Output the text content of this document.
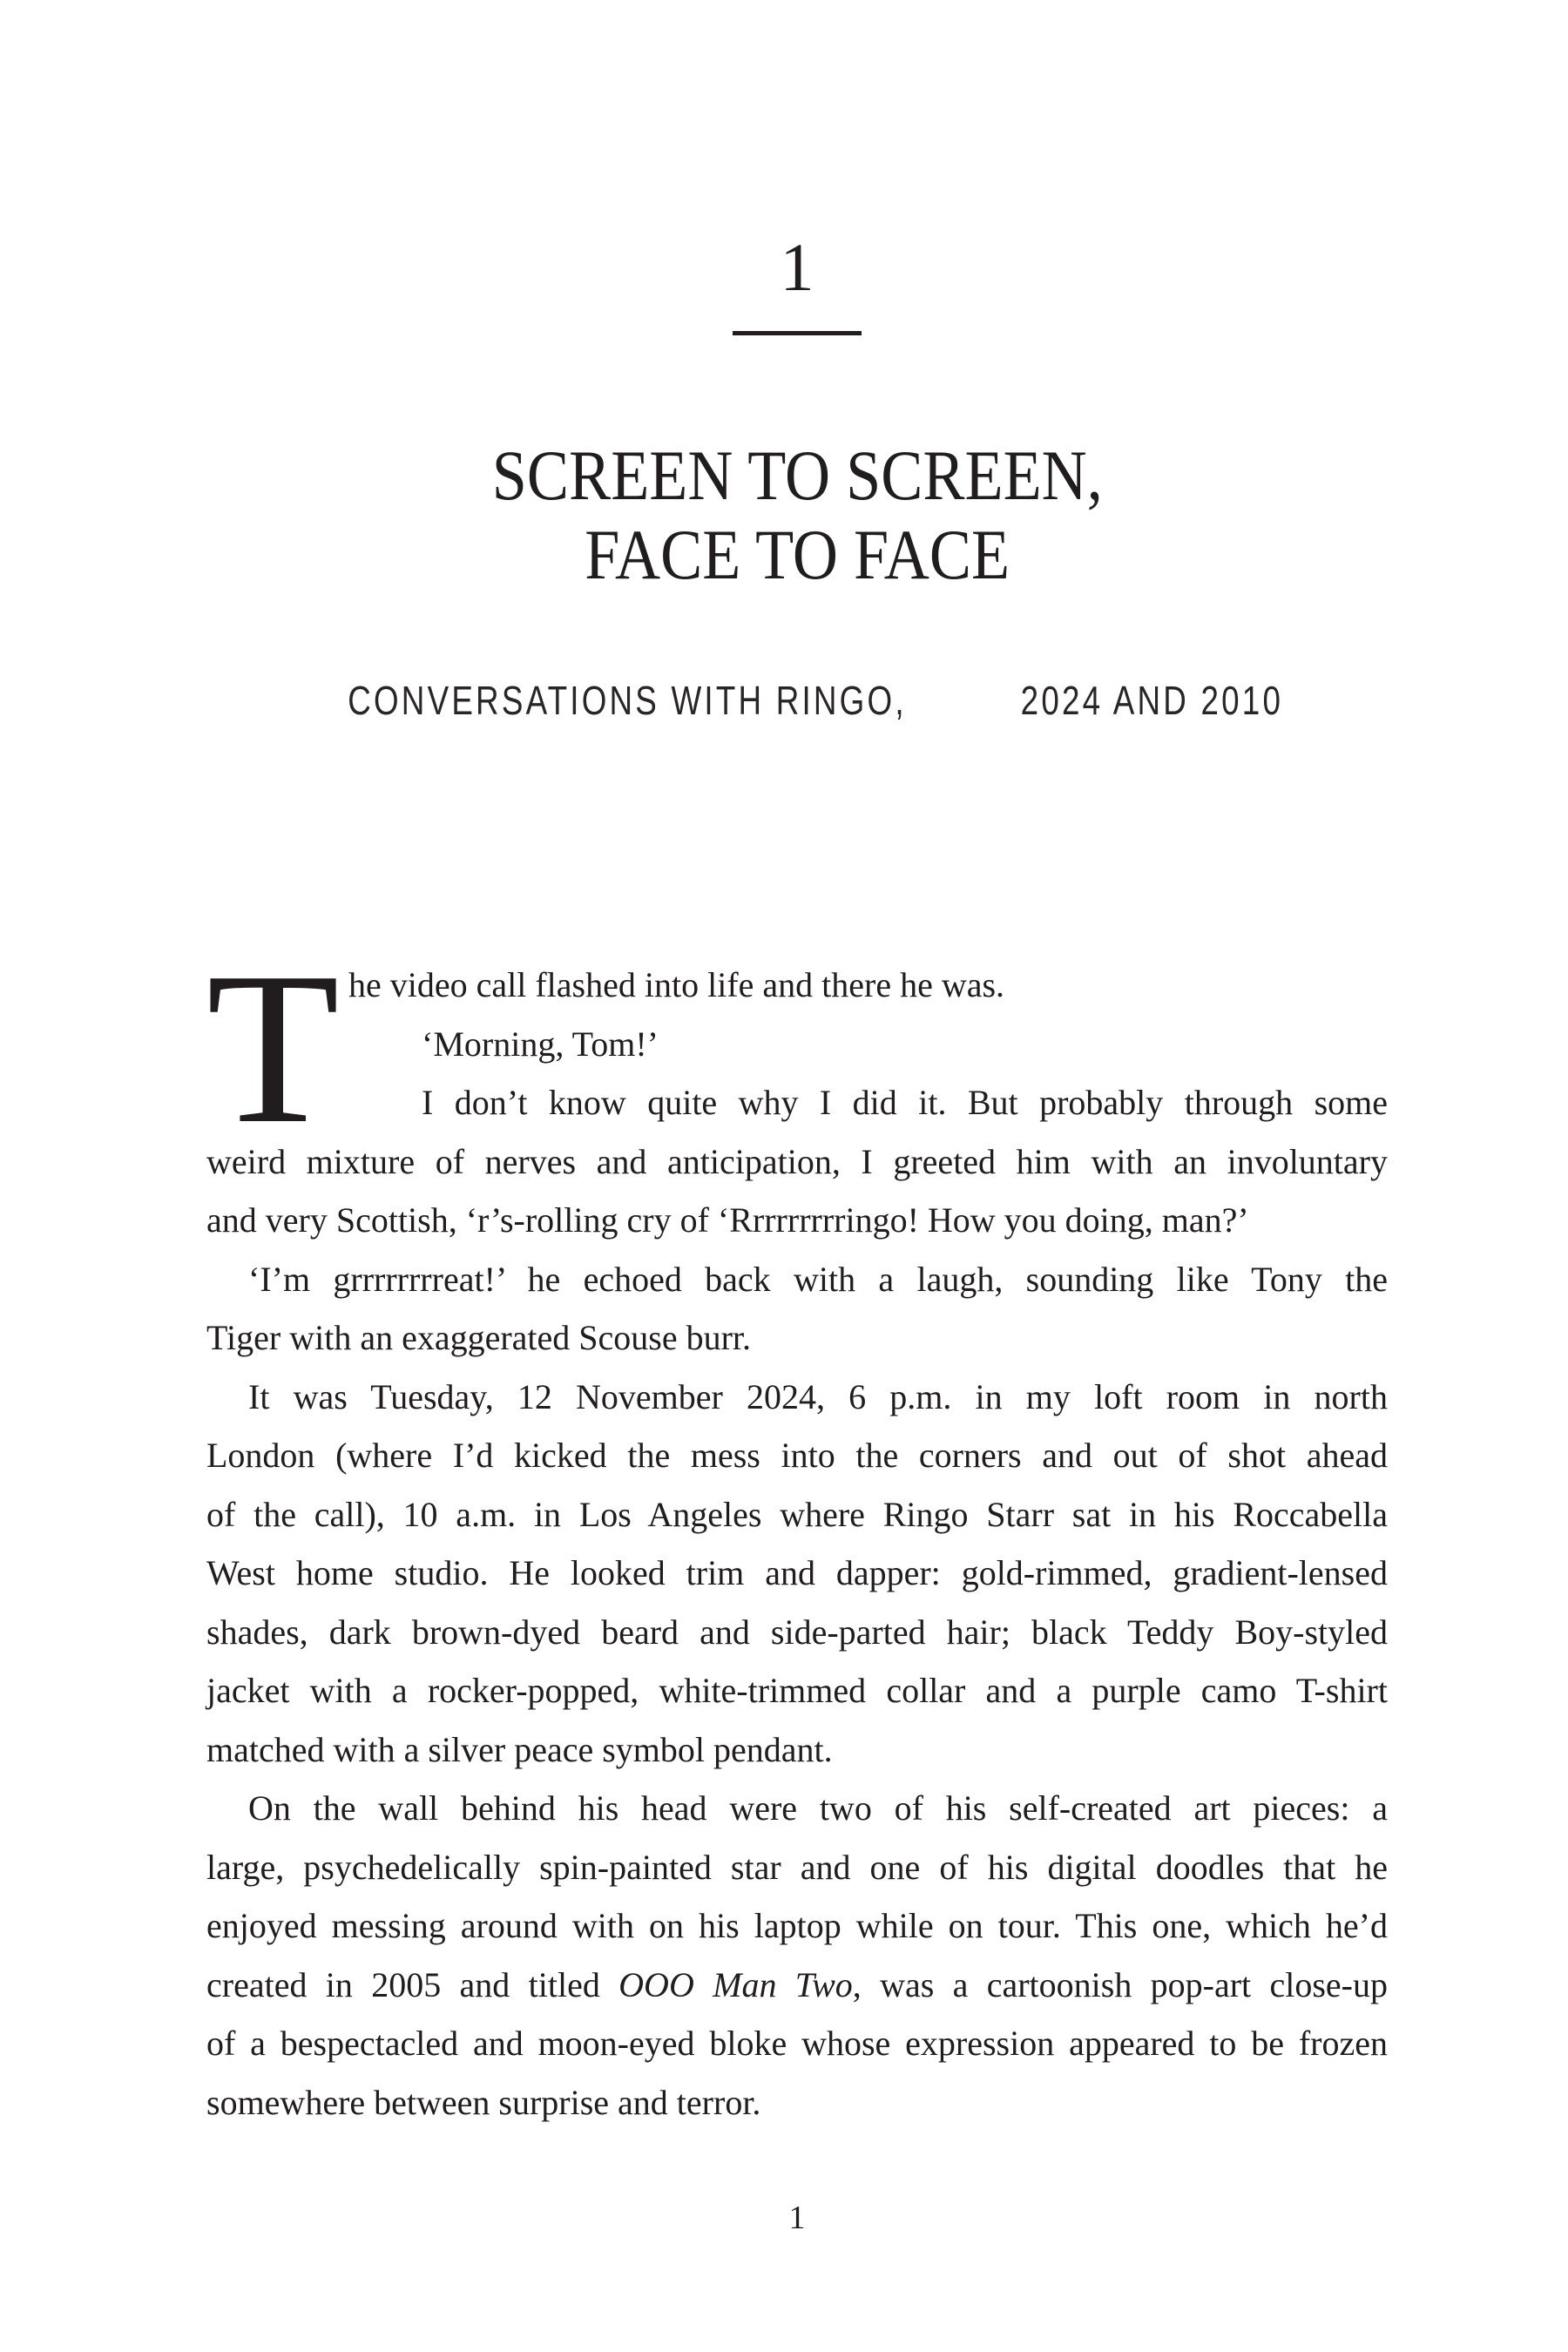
1
SCREEN TO SCREEN,
FACE TO FACE
CONVERSATIONS WITH RINGO,	2024 AND 2010
T he video call flashed into life and there he was.
‘Morning, Tom!’
I don’t know quite why I did it. But probably through some
weird mixture of nerves and anticipation, I greeted him with an involuntary
and very Scottish, ‘r’s-rolling cry of ‘Rrrrrrrrringo! How you doing, man?’
‘I’m grrrrrrrreat!’ he echoed back with a laugh, sounding like Tony the
Tiger with an exaggerated Scouse burr.
It was Tuesday, 12 November 2024, 6 p.m. in my loft room in north
London (where I’d kicked the mess into the corners and out of shot ahead
of the call), 10 a.m. in Los Angeles where Ringo Starr sat in his Roccabella
West home studio. He looked trim and dapper: gold-rimmed, gradient-lensed
shades, dark brown-dyed beard and side-parted hair; black Teddy Boy-styled
jacket with a rocker-popped, white-trimmed collar and a purple camo T-shirt
matched with a silver peace symbol pendant.
On the wall behind his head were two of his self-created art pieces: a
large, psychedelically spin-painted star and one of his digital doodles that he
enjoyed messing around with on his laptop while on tour. This one, which he’d
created in 2005 and titled OOO Man Two, was a cartoonish pop-art close-up
of a bespectacled and moon-eyed bloke whose expression appeared to be frozen
somewhere between surprise and terror.
1
